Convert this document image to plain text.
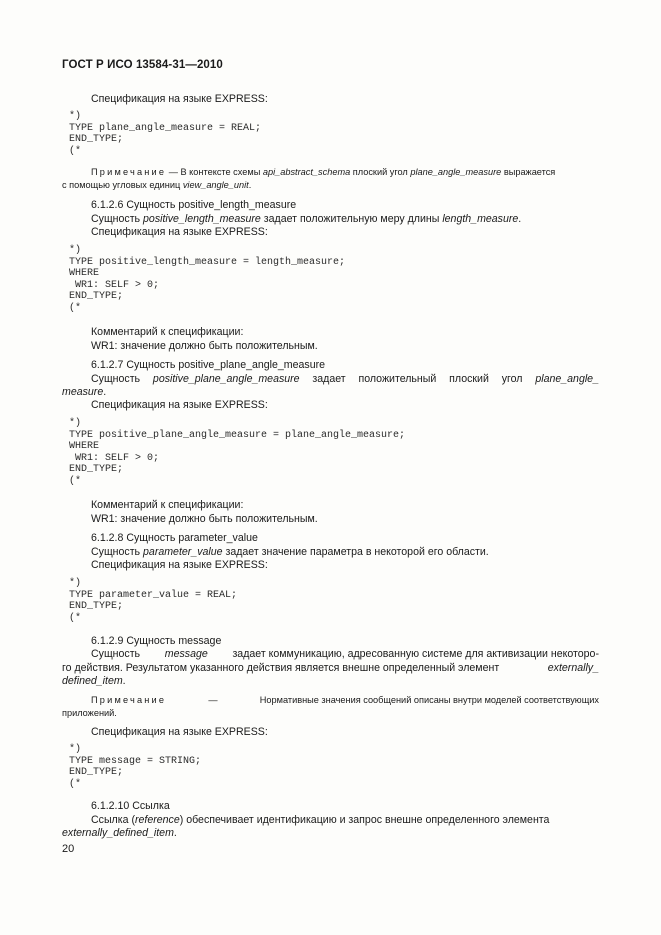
ГОСТ Р ИСО 13584-31—2010
Спецификация на языке EXPRESS:
*)
TYPE plane_angle_measure = REAL;
END_TYPE;
(*
Примечание — В контексте схемы api_abstract_schema плоский угол plane_angle_measure выражается
с помощью угловых единиц view_angle_unit.
6.1.2.6 Сущность positive_length_measure
Сущность positive_length_measure задает положительную меру длины length_measure.
Спецификация на языке EXPRESS:
*)
TYPE positive_length_measure = length_measure;
WHERE
WR1: SELF > 0;
END_TYPE;
(*
Комментарий к спецификации:
WR1: значение должно быть положительным.
6.1.2.7 Сущность positive_plane_angle_measure
Сущность positive_plane_angle_measure задает положительный плоский угол plane_angle_
measure.
Спецификация на языке EXPRESS:
*)
TYPE positive_plane_angle_measure = plane_angle_measure;
WHERE
WR1: SELF > 0;
END_TYPE;
(*
Комментарий к спецификации:
WR1: значение должно быть положительным.
6.1.2.8 Сущность parameter_value
Сущность parameter_value задает значение параметра в некоторой его области.
Спецификация на языке EXPRESS:
*)
TYPE parameter_value = REAL;
END_TYPE;
(*
6.1.2.9 Сущность message
Сущность message задает коммуникацию, адресованную системе для активизации некоторо-
го действия. Результатом указанного действия является внешне определенный элемент	externally_
defined_item.
Примечание	—	Нормативные значения сообщений описаны внутри моделей соответствующих
приложений.
Спецификация на языке EXPRESS:
*)
TYPE message = STRING;
END_TYPE;
(*
6.1.2.10 Ссылка
Ссылка (reference) обеспечивает идентификацию и запрос внешне определенного элемента
externally_defined_item.
20
